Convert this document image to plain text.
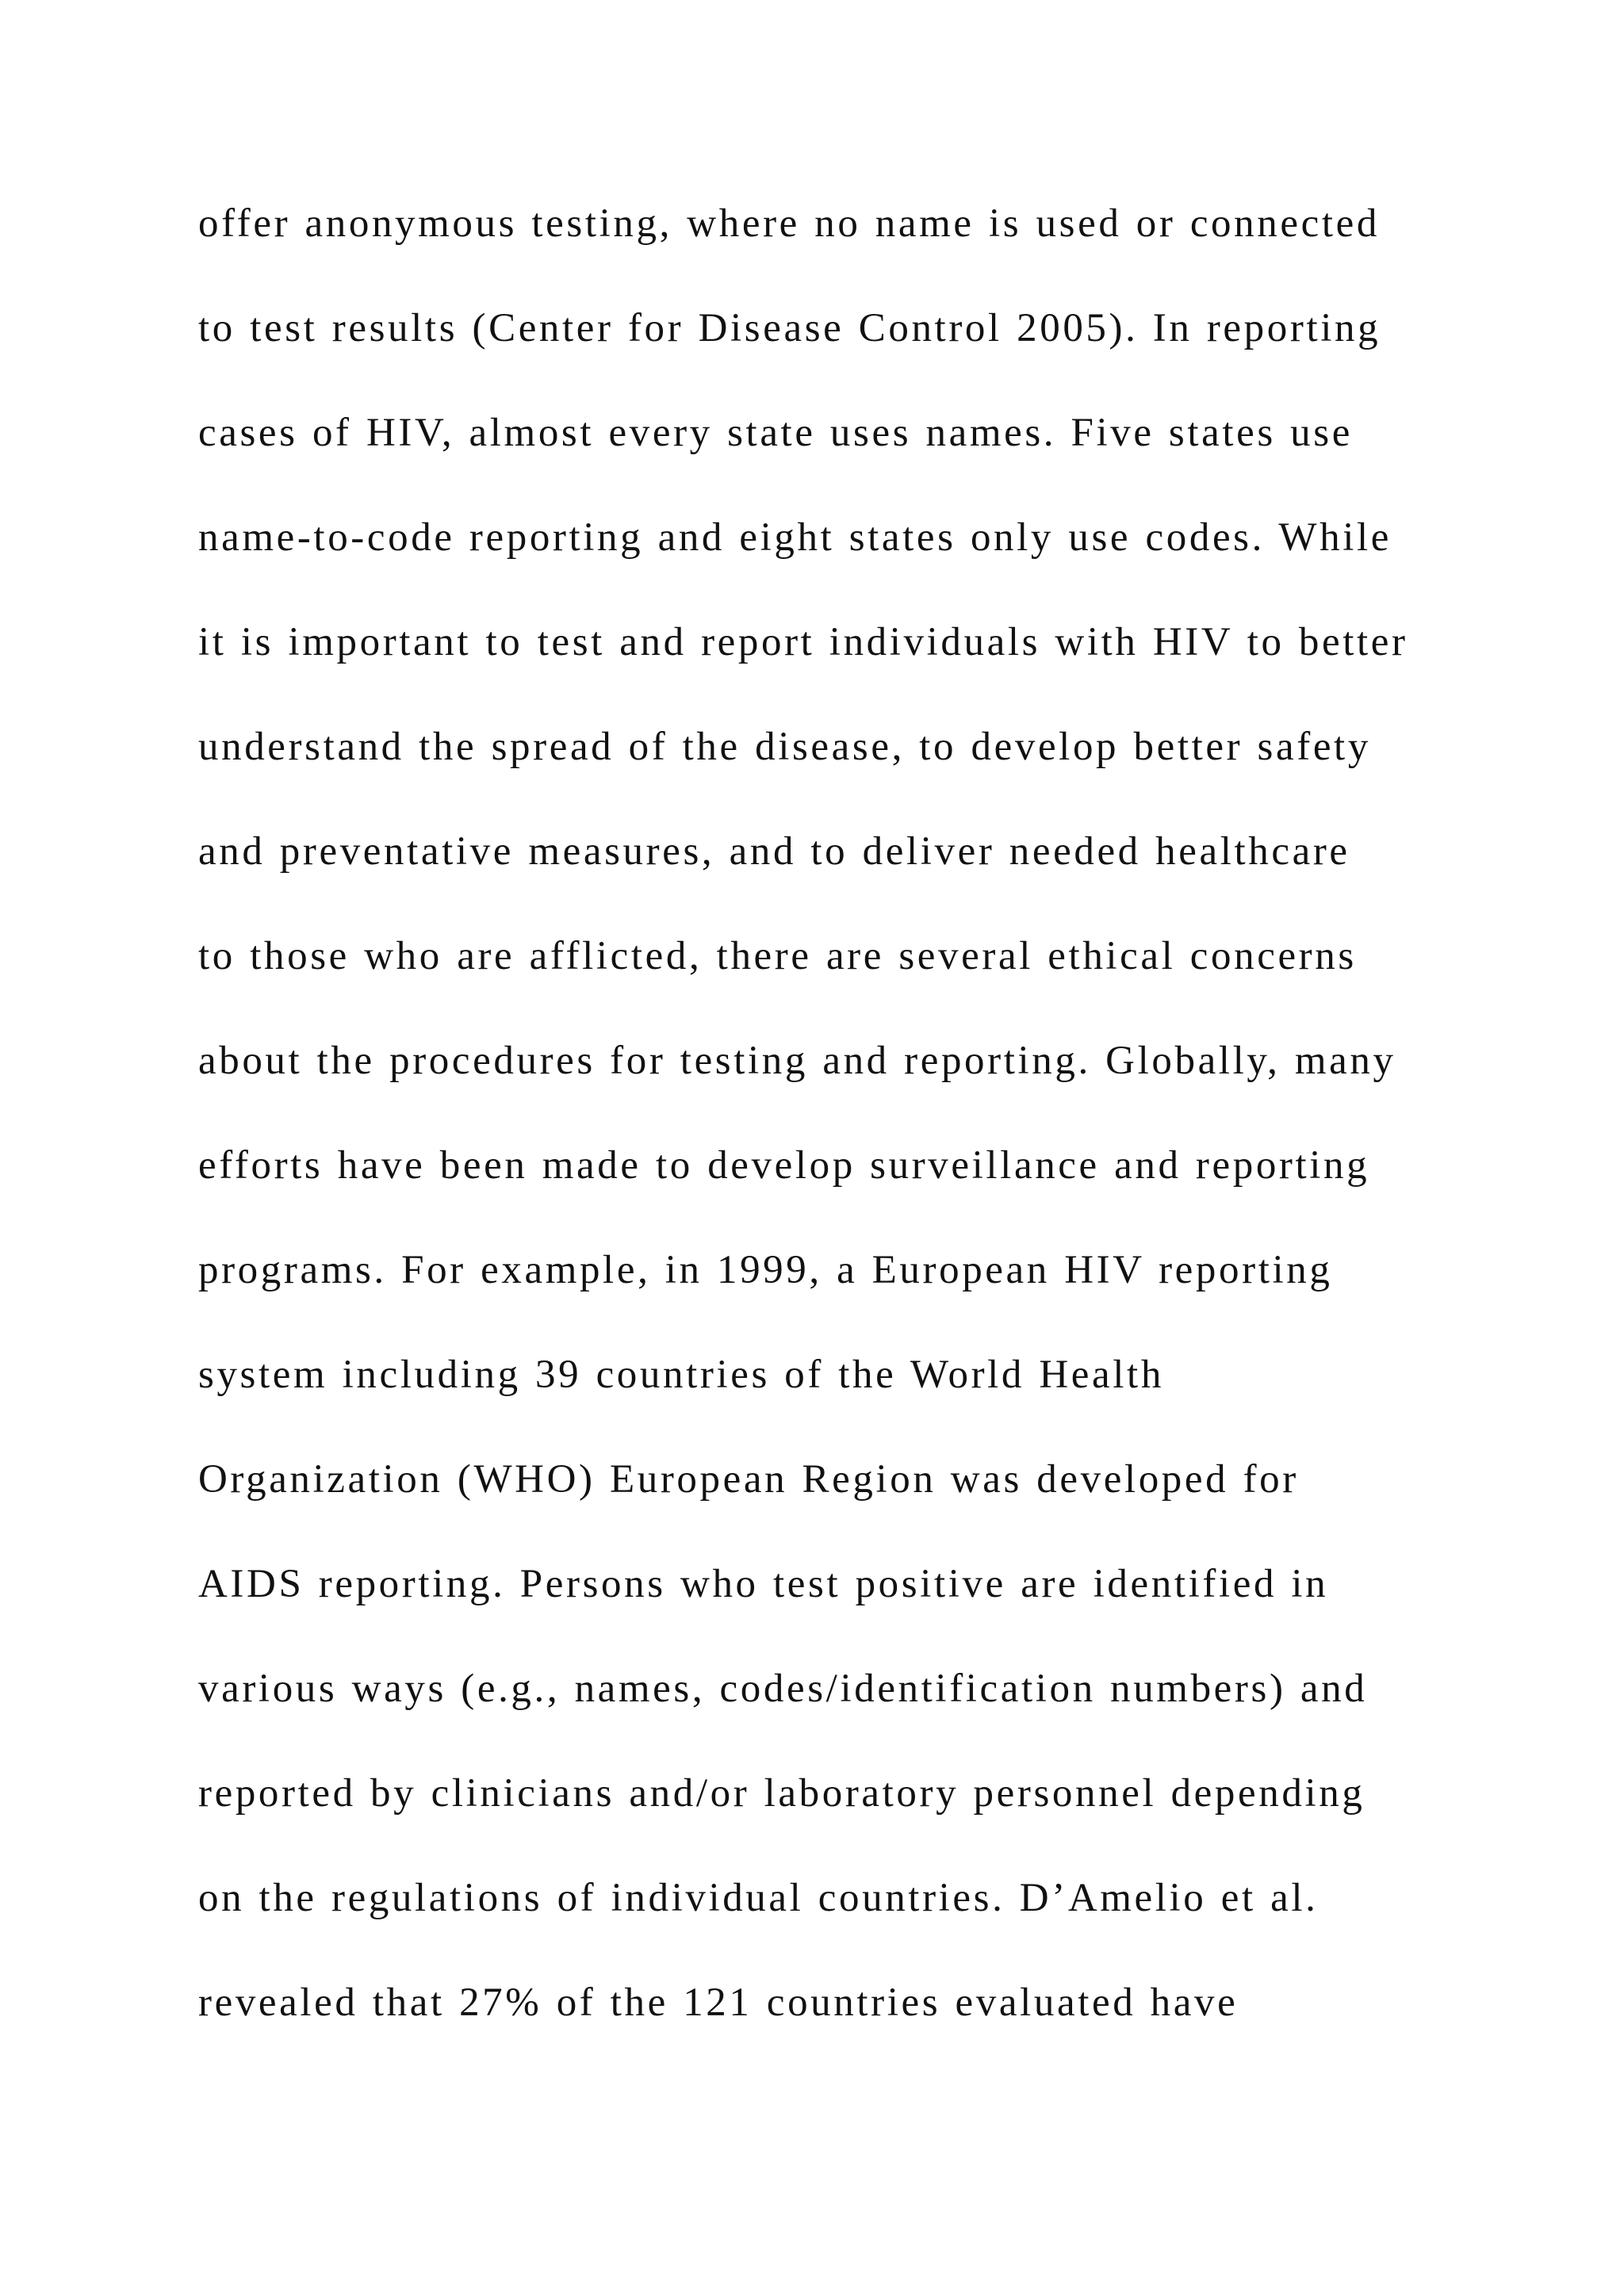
offer anonymous testing, where no name is used or connected
to test results (Center for Disease Control 2005). In reporting
cases of HIV, almost every state uses names. Five states use
name-to-code reporting and eight states only use codes. While
it is important to test and report individuals with HIV to better
understand the spread of the disease, to develop better safety
and preventative measures, and to deliver needed healthcare
to those who are afflicted, there are several ethical concerns
about the procedures for testing and reporting. Globally, many
efforts have been made to develop surveillance and reporting
programs. For example, in 1999, a European HIV reporting
system including 39 countries of the World Health
Organization (WHO) European Region was developed for
AIDS reporting. Persons who test positive are identified in
various ways (e.g., names, codes/identification numbers) and
reported by clinicians and/or laboratory personnel depending
on the regulations of individual countries. D’Amelio et al.
revealed that 27% of the 121 countries evaluated have
